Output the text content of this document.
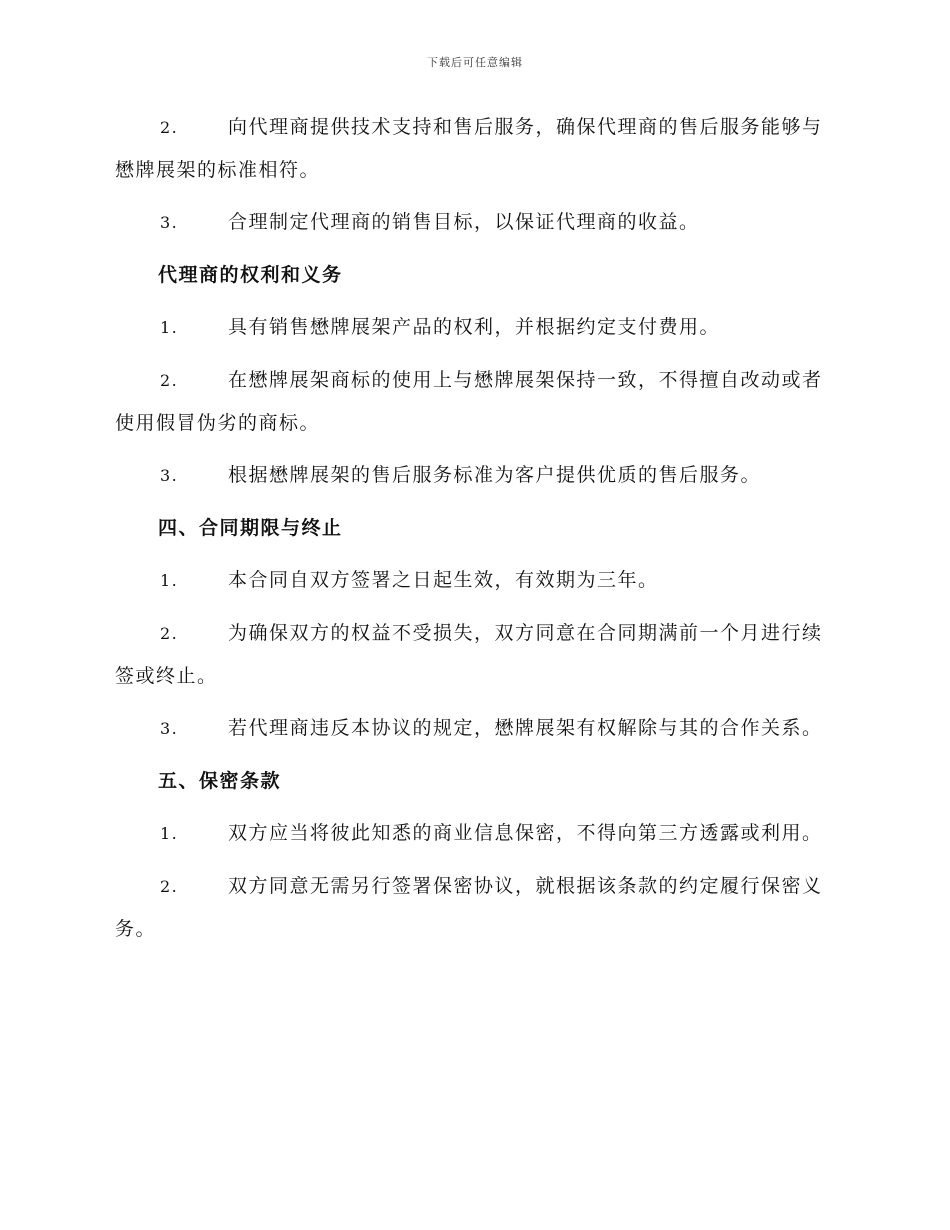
下载后可任意编辑

2.	向代理商提供技术支持和售后服务，确保代理商的售后服务能够与懋牌展架的标准相符。

3.	合理制定代理商的销售目标，以保证代理商的收益。

代理商的权利和义务

1.	具有销售懋牌展架产品的权利，并根据约定支付费用。

2.	在懋牌展架商标的使用上与懋牌展架保持一致，不得擅自改动或者使用假冒伪劣的商标。

3.	根据懋牌展架的售后服务标准为客户提供优质的售后服务。

四、合同期限与终止

1.	本合同自双方签署之日起生效，有效期为三年。

2.	为确保双方的权益不受损失，双方同意在合同期满前一个月进行续签或终止。

3.	若代理商违反本协议的规定，懋牌展架有权解除与其的合作关系。

五、保密条款

1.	双方应当将彼此知悉的商业信息保密，不得向第三方透露或利用。

2.	双方同意无需另行签署保密协议，就根据该条款的约定履行保密义务。
